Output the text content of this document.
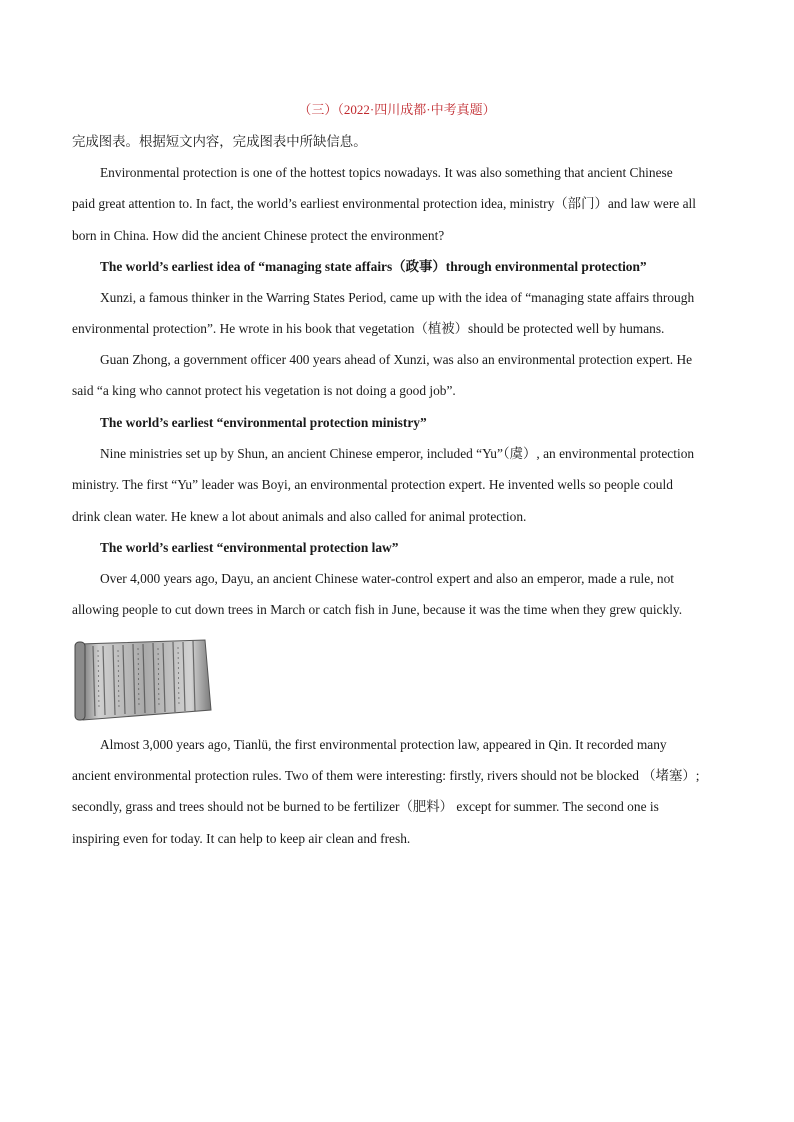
（三）（2022·四川成都·中考真题）
完成图表。根据短文内容，完成图表中所缺信息。
Environmental protection is one of the hottest topics nowadays. It was also something that ancient Chinese
paid great attention to. In fact, the world’s earliest environmental protection idea, ministry（部门）and law were all
born in China. How did the ancient Chinese protect the environment?
The world’s earliest idea of “managing state affairs（政事）through environmental protection”
Xunzi, a famous thinker in the Warring States Period, came up with the idea of “managing state affairs through
environmental protection”. He wrote in his book that vegetation（植被）should be protected well by humans.
Guan Zhong, a government officer 400 years ahead of Xunzi, was also an environmental protection expert. He
said “a king who cannot protect his vegetation is not doing a good job”.
The world’s earliest “environmental protection ministry”
Nine ministries set up by Shun, an ancient Chinese emperor, included “Yu”（虞）, an environmental protection
ministry. The first “Yu” leader was Boyi, an environmental protection expert. He invented wells so people could
drink clean water. He knew a lot about animals and also called for animal protection.
The world’s earliest “environmental protection law”
Over 4,000 years ago, Dayu, an ancient Chinese water-control expert and also an emperor, made a rule, not
allowing people to cut down trees in March or catch fish in June, because it was the time when they grew quickly.
Almost 3,000 years ago, Tianlü, the first environmental protection law, appeared in Qin. It recorded many
ancient environmental protection rules. Two of them were interesting: firstly, rivers should not be blocked （堵塞）;
secondly, grass and trees should not be burned to be fertilizer（肥料） except for summer. The second one is
inspiring even for today. It can help to keep air clean and fresh.
